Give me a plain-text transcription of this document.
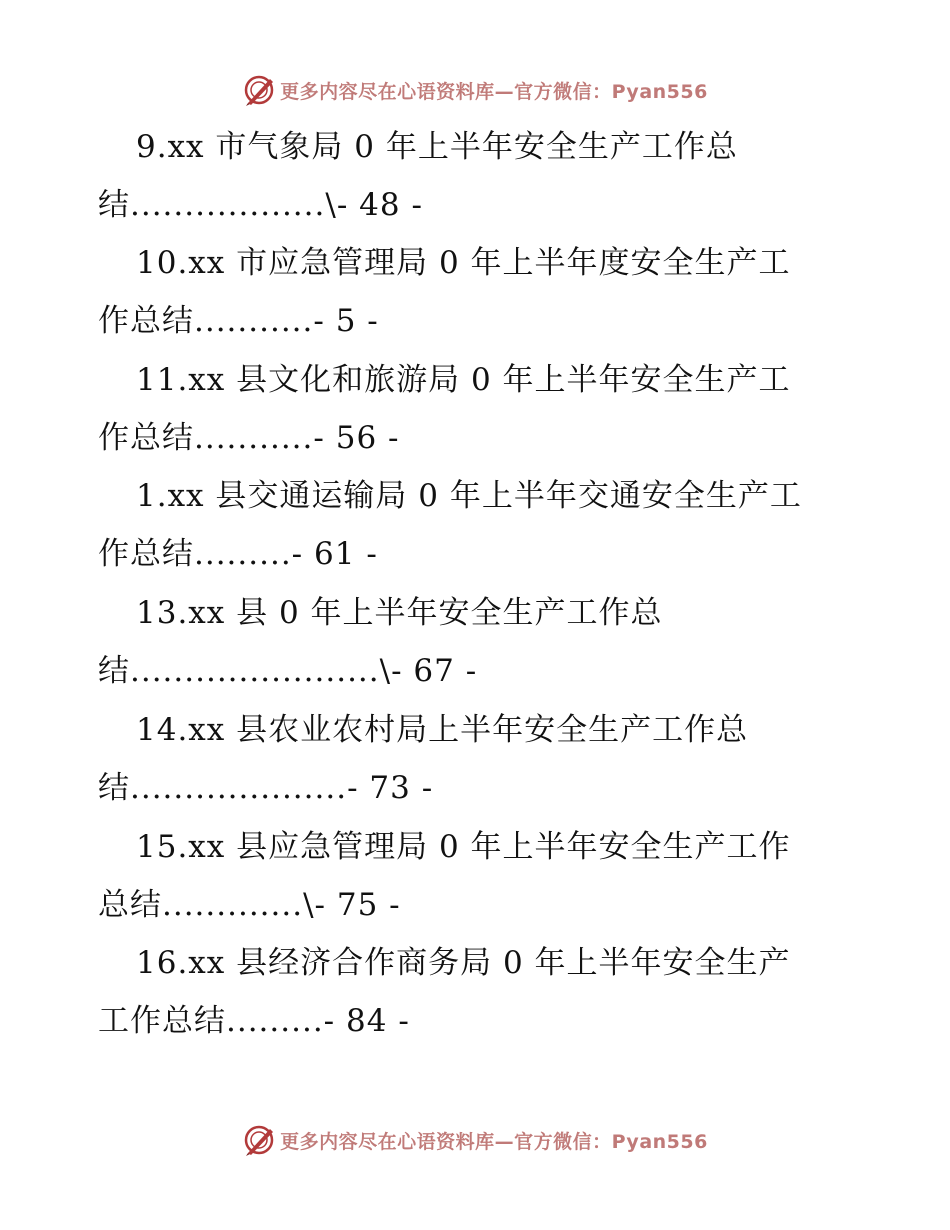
更多内容尽在心语资料库—官方微信：Pyan556
9.xx 市气象局 0 年上半年安全生产工作总
结..................\- 48 -
10.xx 市应急管理局 0 年上半年度安全生产工
作总结...........- 5 -
11.xx 县文化和旅游局 0 年上半年安全生产工
作总结...........- 56 -
1.xx 县交通运输局 0 年上半年交通安全生产工
作总结.........- 61 -
13.xx 县 0 年上半年安全生产工作总
结.......................\- 67 -
14.xx 县农业农村局上半年安全生产工作总
结....................- 73 -
15.xx 县应急管理局 0 年上半年安全生产工作
总结.............\- 75 -
16.xx 县经济合作商务局 0 年上半年安全生产
工作总结.........- 84 -
更多内容尽在心语资料库—官方微信：Pyan556
